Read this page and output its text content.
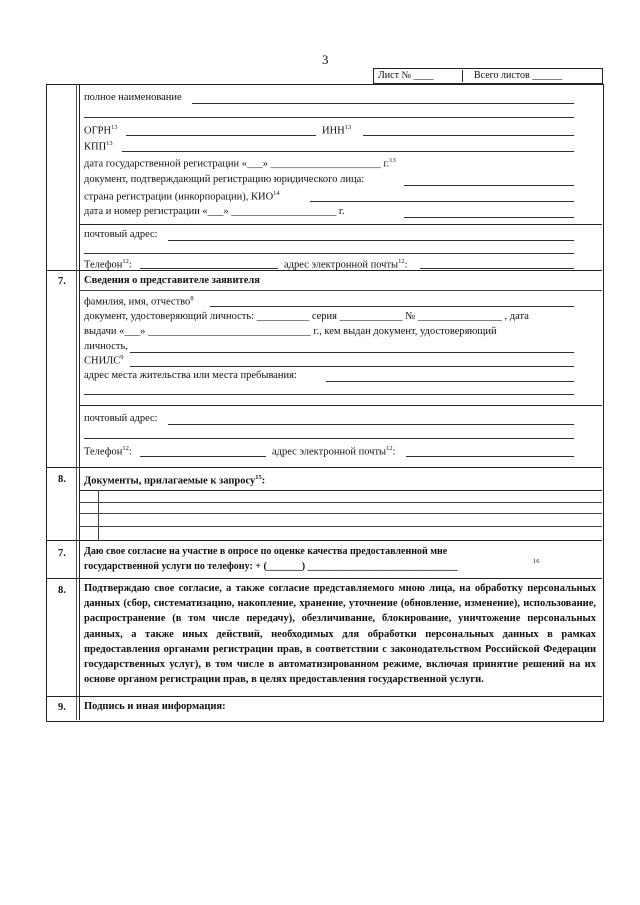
3
Лист № ____	Всего листов ______
полное наименование
ОГРН$^{13}$	ИНН$^{13}$
КПП$^{13}$
дата государственной регистрации «___» _____________________ г.$^{13}$
документ, подтверждающий регистрацию юридического лица:
страна регистрации (инкорпорации), КИО$^{14}$
дата и номер регистрации «___» ____________________ г.
почтовый адрес:
Телефон$^{12}$:	адрес электронной почты$^{12}$:
7. Сведения о представителе заявителя
фамилия, имя, отчество$^8$
документ, удостоверяющий личность: __________ серия ____________ № ________________ , дата
выдачи «___» _______________________________ г., кем выдан документ, удостоверяющий
личность,
СНИЛС$^9$
адрес места жительства или места пребывания:
почтовый адрес:
Телефон$^{12}$:	адрес электронной почты$^{12}$:
8. Документы, прилагаемые к запросу$^{15}$:
7. Даю свое согласие на участие в опросе по оценке качества предоставленной мне
государственной услуги по телефону: + (_______) ______________________________	16
8. Подтверждаю свое согласие, а также согласие представляемого мною лица, на обработку персональных данных (сбор, систематизацию, накопление, хранение, уточнение (обновление, изменение), использование, распространение (в том числе передачу), обезличивание, блокирование, уничтожение персональных данных, а также иных действий, необходимых для обработки персональных данных в рамках предоставления органами регистрации прав, в соответствии с законодательством Российской Федерации государственных услуг), в том числе в автоматизированном режиме, включая принятие решений на их основе органом регистрации прав, в целях предоставления государственной услуги.
9. Подпись и иная информация:
